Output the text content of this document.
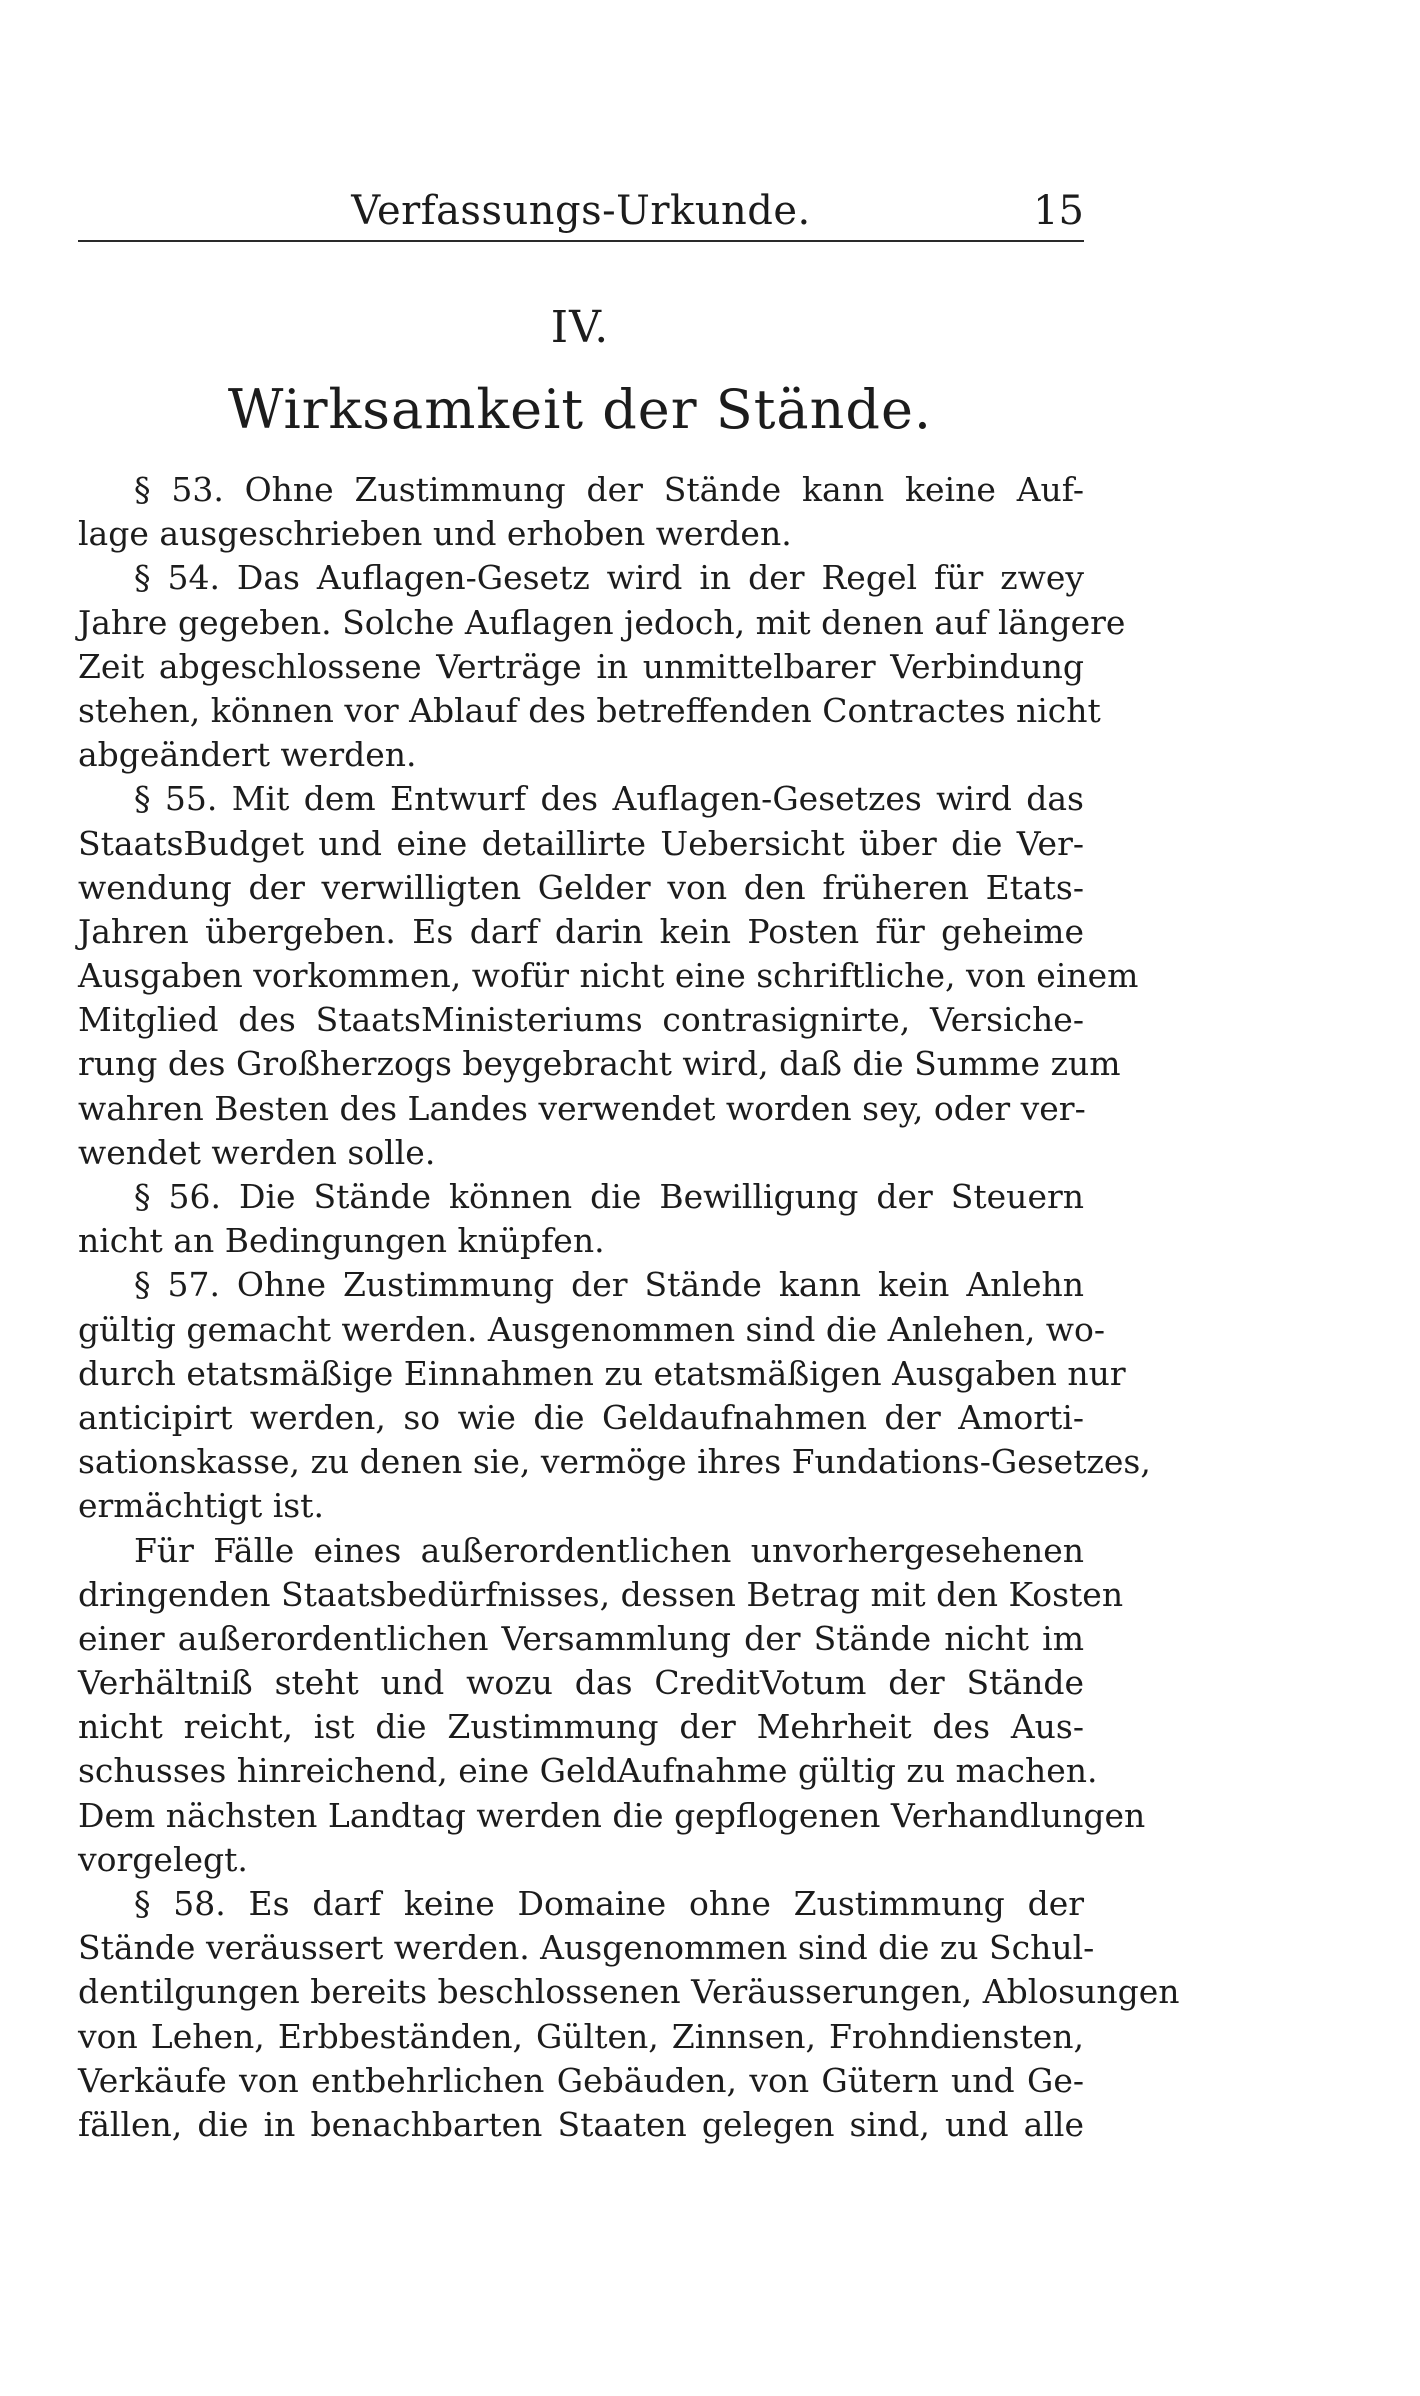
Verfassungs-Urkunde.	15
IV.
Wirksamkeit der Stände.
§ 53. Ohne Zustimmung der Stände kann keine Auf-
lage ausgeschrieben und erhoben werden.
§ 54. Das Auflagen-Gesetz wird in der Regel für zwey
Jahre gegeben. Solche Auflagen jedoch, mit denen auf längere
Zeit abgeschlossene Verträge in unmittelbarer Verbindung
stehen, können vor Ablauf des betreffenden Contractes nicht
abgeändert werden.
§ 55. Mit dem Entwurf des Auflagen-Gesetzes wird das
StaatsBudget und eine detaillirte Uebersicht über die Ver-
wendung der verwilligten Gelder von den früheren Etats-
Jahren übergeben. Es darf darin kein Posten für geheime
Ausgaben vorkommen, wofür nicht eine schriftliche, von einem
Mitglied des StaatsMinisteriums contrasignirte, Versiche-
rung des Großherzogs beygebracht wird, daß die Summe zum
wahren Besten des Landes verwendet worden sey, oder ver-
wendet werden solle.
§ 56. Die Stände können die Bewilligung der Steuern
nicht an Bedingungen knüpfen.
§ 57. Ohne Zustimmung der Stände kann kein Anlehn
gültig gemacht werden. Ausgenommen sind die Anlehen, wo-
durch etatsmäßige Einnahmen zu etatsmäßigen Ausgaben nur
anticipirt werden, so wie die Geldaufnahmen der Amorti-
sationskasse, zu denen sie, vermöge ihres Fundations-Gesetzes,
ermächtigt ist.
Für Fälle eines außerordentlichen unvorhergesehenen
dringenden Staatsbedürfnisses, dessen Betrag mit den Kosten
einer außerordentlichen Versammlung der Stände nicht im
Verhältniß steht und wozu das CreditVotum der Stände
nicht reicht, ist die Zustimmung der Mehrheit des Aus-
schusses hinreichend, eine GeldAufnahme gültig zu machen.
Dem nächsten Landtag werden die gepflogenen Verhandlungen
vorgelegt.
§ 58. Es darf keine Domaine ohne Zustimmung der
Stände veräussert werden. Ausgenommen sind die zu Schul-
dentilgungen bereits beschlossenen Veräusserungen, Ablosungen
von Lehen, Erbbeständen, Gülten, Zinnsen, Frohndiensten,
Verkäufe von entbehrlichen Gebäuden, von Gütern und Ge-
fällen, die in benachbarten Staaten gelegen sind, und alle
